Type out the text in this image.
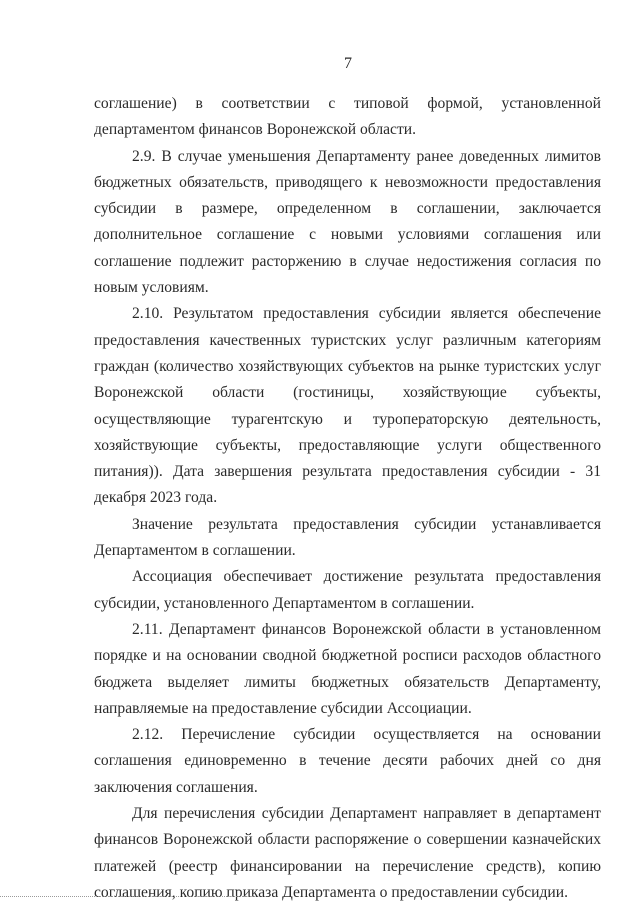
7

соглашение) в соответствии с типовой формой, установленной департаментом финансов Воронежской области.

2.9. В случае уменьшения Департаменту ранее доведенных лимитов бюджетных обязательств, приводящего к невозможности предоставления субсидии в размере, определенном в соглашении, заключается дополнительное соглашение с новыми условиями соглашения или соглашение подлежит расторжению в случае недостижения согласия по новым условиям.

2.10. Результатом предоставления субсидии является обеспечение предоставления качественных туристских услуг различным категориям граждан (количество хозяйствующих субъектов на рынке туристских услуг Воронежской области (гостиницы, хозяйствующие субъекты, осуществляющие турагентскую и туроператорскую деятельность, хозяйствующие субъекты, предоставляющие услуги общественного питания)). Дата завершения результата предоставления субсидии - 31 декабря 2023 года.

Значение результата предоставления субсидии устанавливается Департаментом в соглашении.

Ассоциация обеспечивает достижение результата предоставления субсидии, установленного Департаментом в соглашении.

2.11. Департамент финансов Воронежской области в установленном порядке и на основании сводной бюджетной росписи расходов областного бюджета выделяет лимиты бюджетных обязательств Департаменту, направляемые на предоставление субсидии Ассоциации.

2.12. Перечисление субсидии осуществляется на основании соглашения единовременно в течение десяти рабочих дней со дня заключения соглашения.

Для перечисления субсидии Департамент направляет в департамент финансов Воронежской области распоряжение о совершении казначейских платежей (реестр финансировании на перечисление средств), копию соглашения, копию приказа Департамента о предоставлении субсидии.
